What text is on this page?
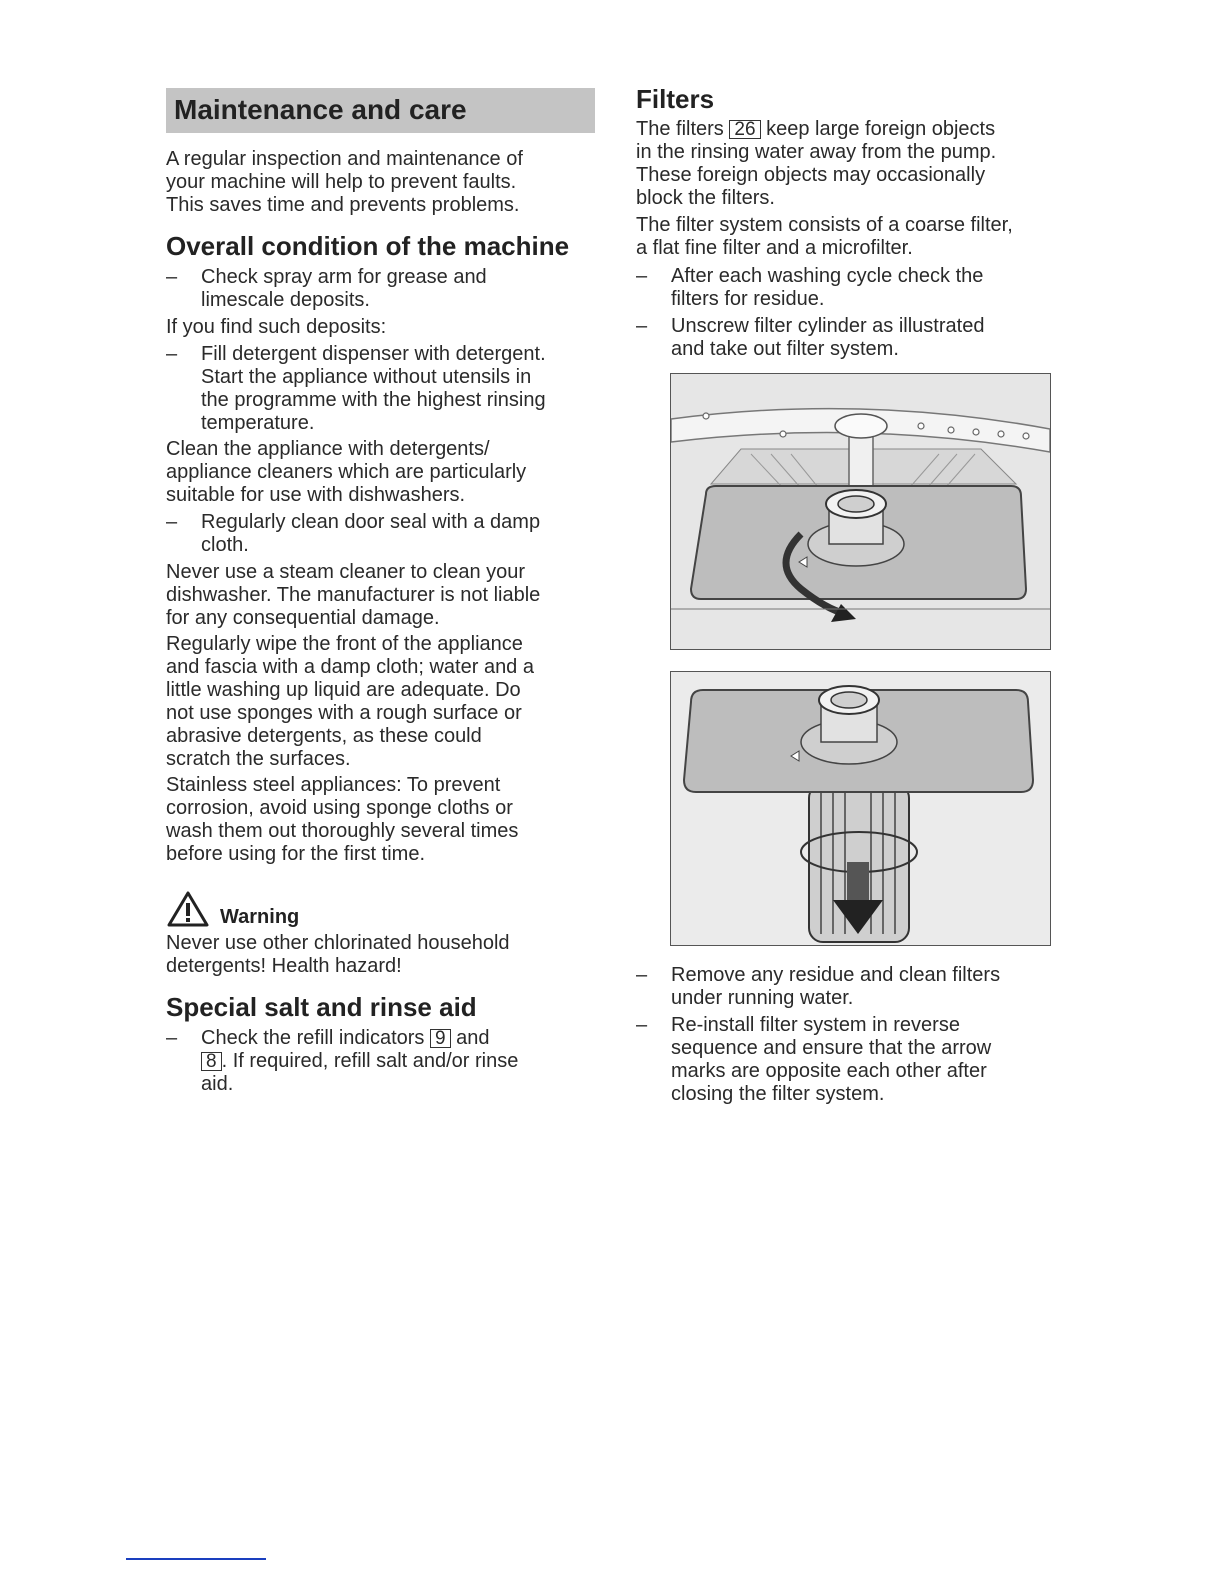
Maintenance and care

A regular inspection and maintenance of

your machine will help to prevent faults.

This saves time and prevents problems.

Overall condition of the machine
– Check spray arm for grease and
limescale deposits.

If you find such deposits:

– Fill detergent dispenser with detergent.
Start the appliance without utensils in
the programme with the highest rinsing
temperature.

Clean the appliance with detergents/

appliance cleaners which are particularly

suitable for use with dishwashers.

– Regularly clean door seal with a damp
cloth.

Never use a steam cleaner to clean your

dishwasher. The manufacturer is not liable

for any consequential damage.

Regularly wipe the front of the appliance

and fascia with a damp cloth; water and a

little washing up liquid are adequate. Do

not use sponges with a rough surface or

abrasive detergents, as these could

scratch the surfaces.

Stainless steel appliances: To prevent

corrosion, avoid using sponge cloths or

wash them out thoroughly several times

before using for the first time.

Warning

Never use other chlorinated household

detergents! Health hazard!

Special salt and rinse aid
– Check the refill indicators 9 and
8 . If required, refill salt and/or rinse
aid.
Filters

The filters 26 keep large foreign objects

in the rinsing water away from the pump.

These foreign objects may occasionally

block the filters.

The filter system consists of a coarse filter,

a flat fine filter and a microfilter.

– After each washing cycle check the
filters for residue.
– Unscrew filter cylinder as illustrated
and take out filter system.
– Remove any residue and clean filters
under running water.
– Re-install filter system in reverse
sequence and ensure that the arrow
marks are opposite each other after
closing the filter system.
